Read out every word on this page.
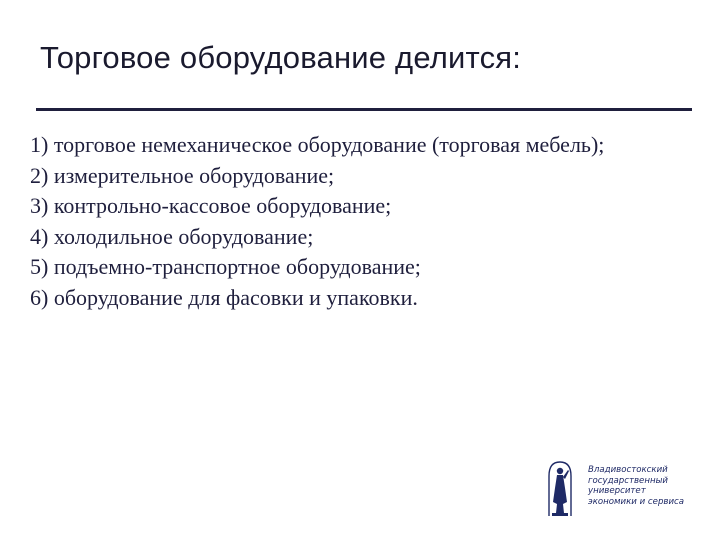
Торговое оборудование делится:
1) торговое немеханическое оборудование (торговая мебель);
2) измерительное оборудование;
3) контрольно-кассовое оборудование;
4) холодильное оборудование;
5) подъемно-транспортное оборудование;
6) оборудование для фасовки и упаковки.
Владивостокский
государственный
университет
экономики и сервиса
